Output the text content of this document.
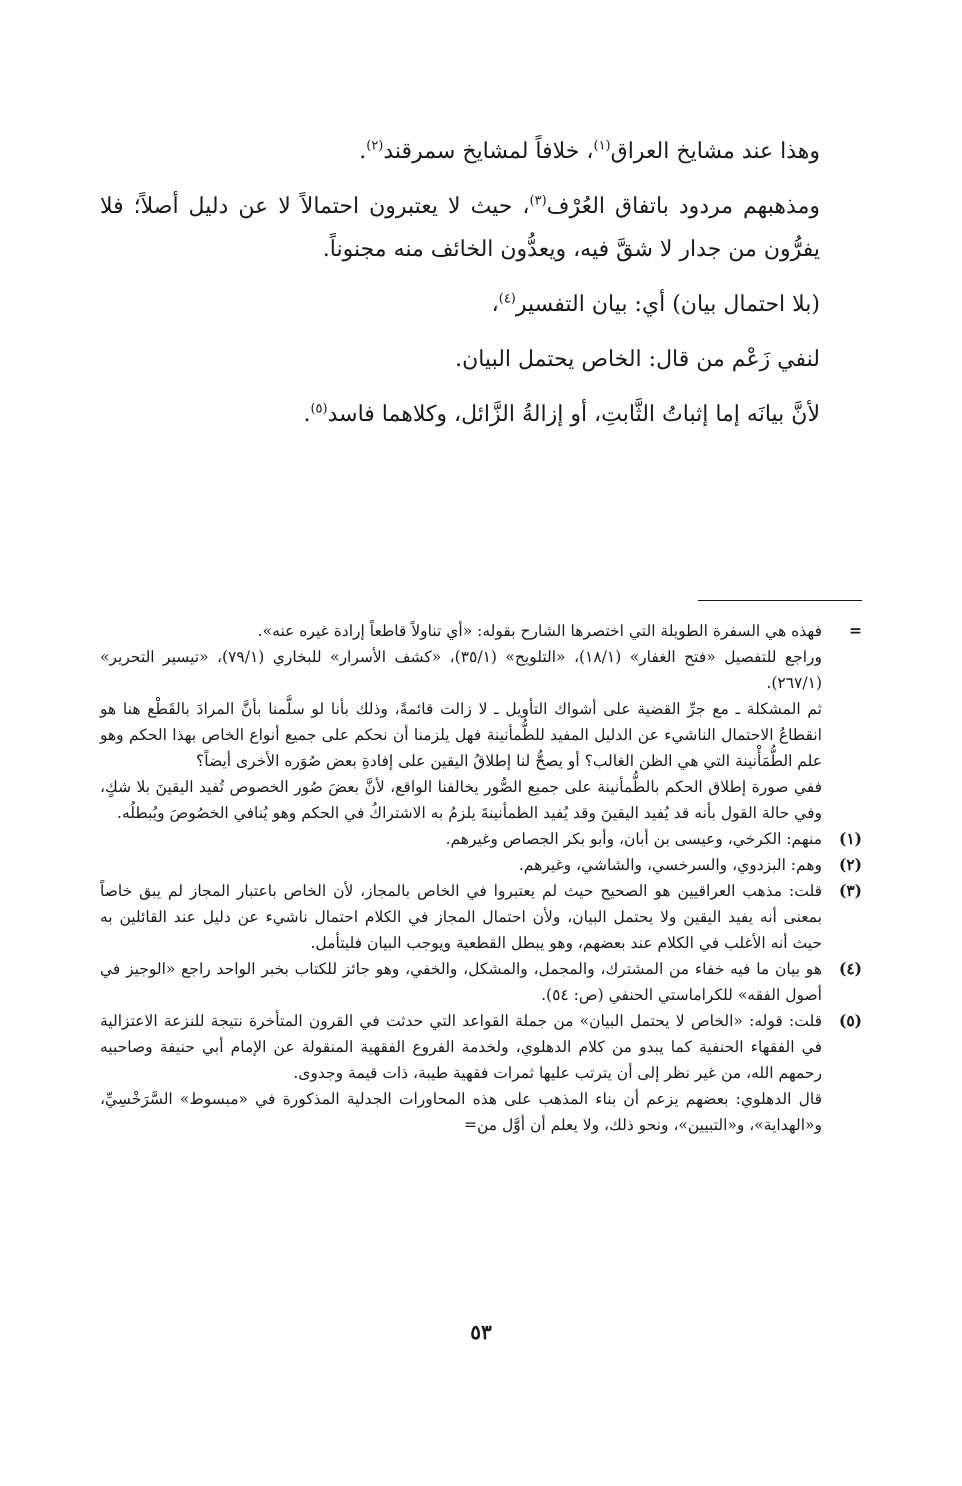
وهذا عند مشايخ العراق$^{(١)}$، خلافاً لمشايخ سمرقند$^{(٢)}$.

ومذهبهم مردود باتفاق العُرْف$^{(٣)}$، حيث لا يعتبرون احتمالاً لا عن دليل أصلاً؛ فلا يفرُّون من جدار لا شقَّ فيه، ويعدُّون الخائف منه مجنوناً.

(بلا احتمال بيان) أي: بيان التفسير$^{(٤)}$،

لنفي زَعْم من قال: الخاص يحتمل البيان.

لأنَّ بيانَه إما إثباتُ الثَّابتِ، أو إزالةُ الزَّائل، وكلاهما فاسد$^{(٥)}$.

=

فهذه هي السفرة الطويلة التي اختصرها الشارح بقوله: «أي تناولاً قاطعاً إرادة غيره عنه».

وراجع للتفصيل «فتح الغفار» (١٨/١)، «التلويح» (٣٥/١)، «كشف الأسرار» للبخاري (٧٩/١)، «تيسير التحرير» (٢٦٧/١).

ثم المشكلة ـ مع جرِّ القضية على أشواك التأويل ـ لا زالت قائمةً، وذلك بأنا لو سلَّمنا بأنَّ المرادَ بالقَطْع هنا هو انقطاعُ الاحتمال الناشيء عن الدليل المفيد للطُّمأنينة فهل يلزمنا أن نحكم على جميع أنواع الخاص بهذا الحكم وهو علم الطُّمَأْنينة التي هي الظن الغالب؟ أو يصحُّ لنا إطلاقُ اليقين على إفادةِ بعض صُوَره الأخرى أيضاً؟

ففي صورة إطلاق الحكم بالطُّمأنينة على جميع الصُّور يخالفنا الواقع، لأنَّ بعضَ صُور الخصوص تُفيد اليقينَ بلا شكٍ، وفي حالة القول بأنه قد يُفيد اليقينَ وقد يُفيد الطمأنينةَ يلزمُ به الاشتراكُ في الحكم وهو يُنافي الخصُوصَ ويُبطلُه.

(١)

منهم: الكرخي، وعيسى بن أبان، وأبو بكر الجصاص وغيرهم.

(٢)

وهم: البزدوي، والسرخسي، والشاشي، وغيرهم.

(٣)

قلت: مذهب العراقيين هو الصحيح حيث لم يعتبروا في الخاص بالمجاز، لأن الخاص باعتبار المجاز لم يبق خاصاً بمعنى أنه يفيد اليقين ولا يحتمل البيان، ولأن احتمال المجاز في الكلام احتمال ناشيء عن دليل عند القائلين به حيث أنه الأغلب في الكلام عند بعضهم، وهو يبطل القطعية ويوجب البيان فليتأمل.

(٤)

هو بيان ما فيه خفاء من المشترك، والمجمل، والمشكل، والخفي، وهو جائز للكتاب بخبر الواحد راجع «الوجيز في أصول الفقه» للكراماستي الحنفي (ص: ٥٤).

(٥)

قلت: قوله: «الخاص لا يحتمل البيان» من جملة القواعد التي حدثت في القرون المتأخرة نتيجة للنزعة الاعتزالية في الفقهاء الحنفية كما يبدو من كلام الدهلوي، ولخدمة الفروع الفقهية المنقولة عن الإمام أبي حنيفة وصاحبيه رحمهم الله، من غير نظر إلى أن يترتب عليها ثمرات فقهية طيبة، ذات قيمة وجدوى.

قال الدهلوي: بعضهم يزعم أن بناء المذهب على هذه المحاورات الجدلية المذكورة في «مبسوط» السَّرَخْسِيِّ، و«الهداية»، و«التبيين»، ونحو ذلك، ولا يعلم أن أوَّل من=

٥٣
